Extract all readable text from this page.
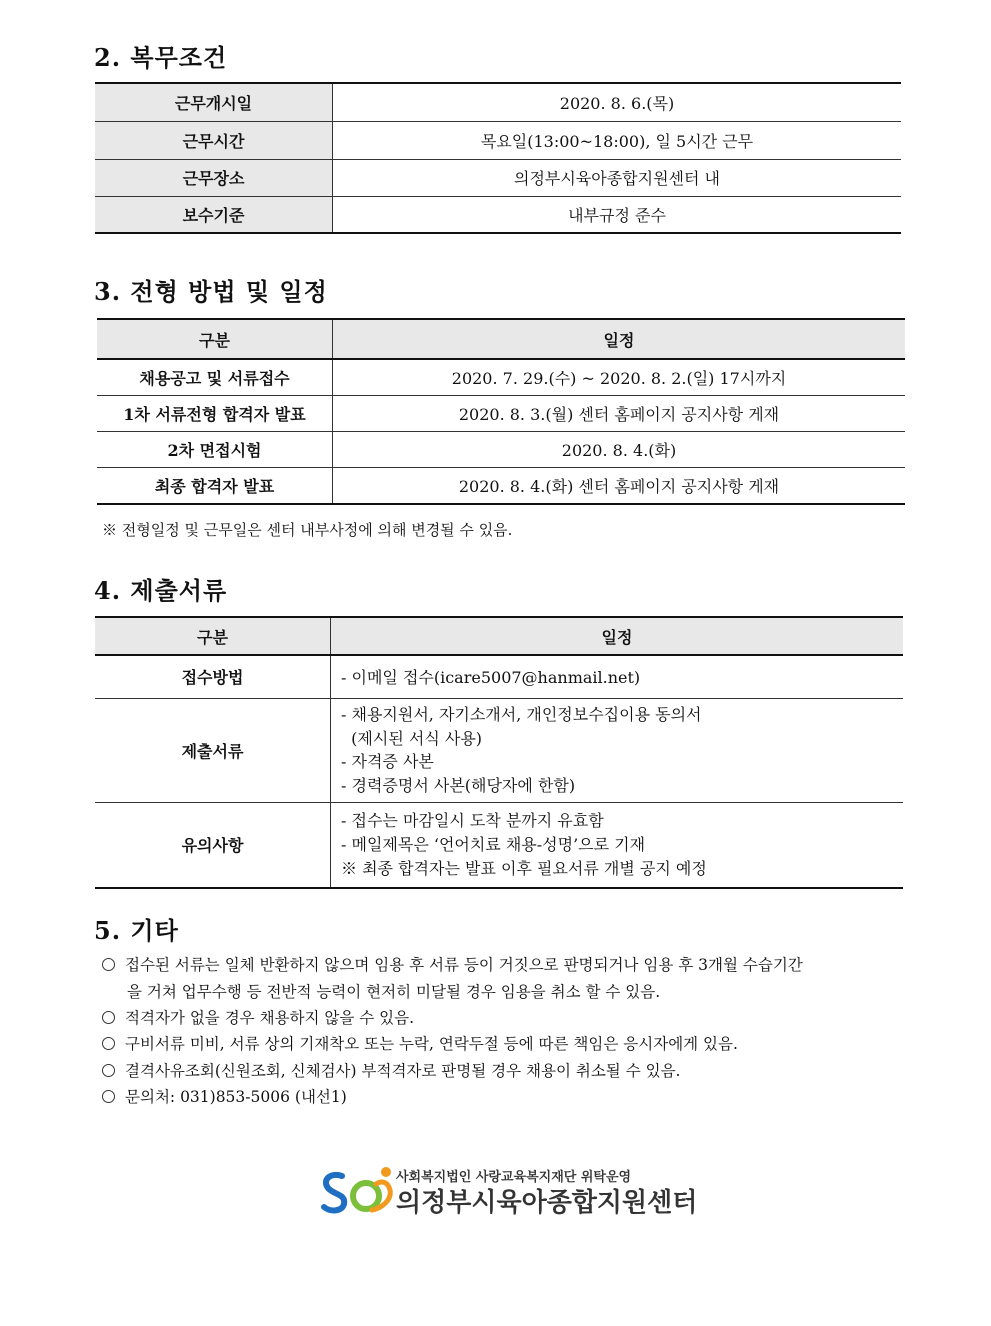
2. 복무조건
근무개시일	2020. 8. 6.(목)
근무시간	목요일(13:00~18:00), 일 5시간 근무
근무장소	의정부시육아종합지원센터 내
보수기준	내부규정 준수
3. 전형 방법 및 일정
구분	일정
채용공고 및 서류접수	2020. 7. 29.(수) ~ 2020. 8. 2.(일) 17시까지
1차 서류전형 합격자 발표	2020. 8. 3.(월) 센터 홈페이지 공지사항 게재
2차 면접시험	2020. 8. 4.(화)
최종 합격자 발표	2020. 8. 4.(화) 센터 홈페이지 공지사항 게재
※ 전형일정 및 근무일은 센터 내부사정에 의해 변경될 수 있음.
4. 제출서류
구분	일정
접수방법	- 이메일 접수(icare5007@hanmail.net)

제출서류	- 채용지원서, 자기소개서, 개인정보수집이용 동의서
(제시된 서식 사용)
- 자격증 사본
- 경력증명서 사본(해당자에 한함)

유의사항	- 접수는 마감일시 도착 분까지 유효함
- 메일제목은 ‘언어치료 채용-성명’으로 기재
※ 최종 합격자는 발표 이후 필요서류 개별 공지 예정
5. 기타
접수된 서류는 일체 반환하지 않으며 임용 후 서류 등이 거짓으로 판명되거나 임용 후 3개월 수습기간
을 거쳐 업무수행 등 전반적 능력이 현저히 미달될 경우 임용을 취소 할 수 있음.
적격자가 없을 경우 채용하지 않을 수 있음.
구비서류 미비, 서류 상의 기재착오 또는 누락, 연락두절 등에 따른 책임은 응시자에게 있음.
결격사유조회(신원조회, 신체검사) 부적격자로 판명될 경우 채용이 취소될 수 있음.
문의처: 031)853-5006 (내선1)
사회복지법인 사랑교육복지재단 위탁운영
의정부시육아종합지원센터
